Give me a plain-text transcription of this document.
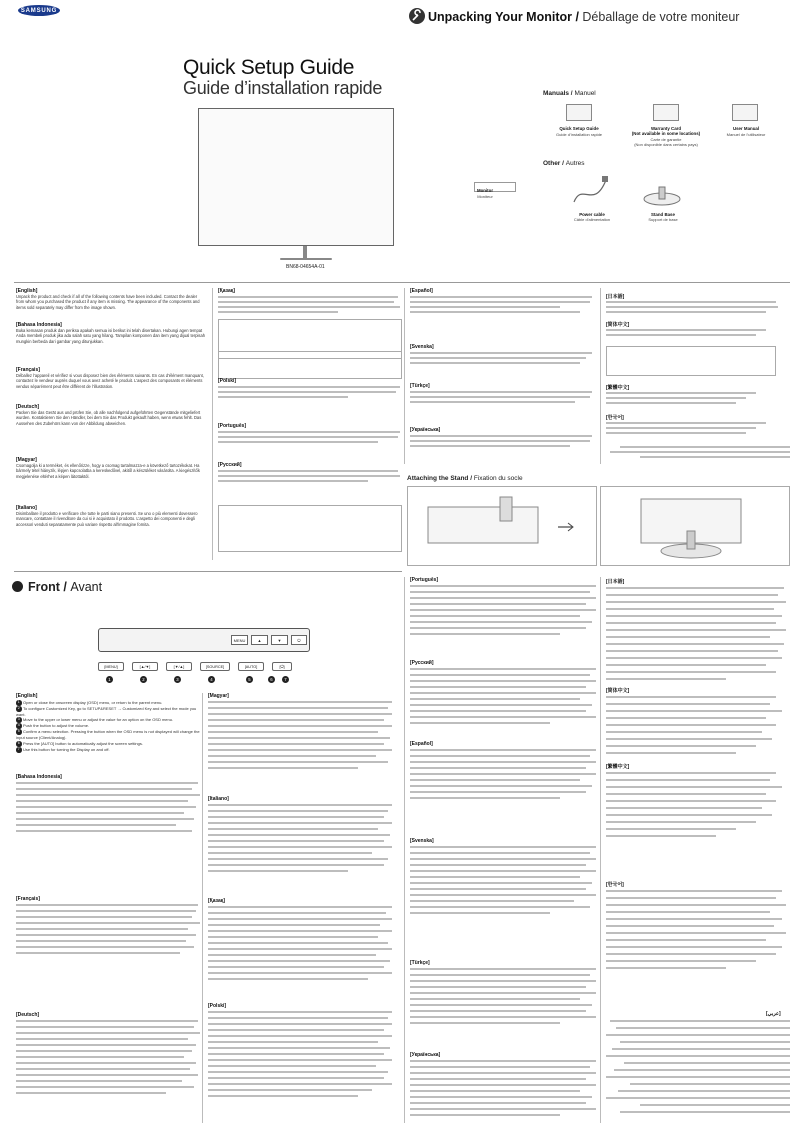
SAMSUNG
Quick Setup Guide
Guide d’installation rapide
Unpacking Your Monitor / Déballage de votre moniteur
BN68-04654A-01
Manuals / Manuel
Quick Setup Guide
Guide d’installation rapide
Warranty Card
(Not available in some locations)
Carte de garantie
(Non disponible dans certains pays)
User Manual
Manuel de l’utilisateur
Other / Autres
Monitor
Moniteur
Power cable
Câble d’alimentation
Stand Base
Support de base
[English]
Unpack the product and check if all of the following contents have been included. Contact the dealer from whom you purchased the product if any item is missing. The appearance of the components and items sold separately may differ from the image shown.
[Bahasa Indonesia]
Buka kemasan produk dan periksa apakah semua isi berikut ini telah disertakan. Hubungi agen tempat Anda membeli produk jika ada salah satu yang hilang. Tampilan komponen dan item yang dijual terpisah mungkin berbeda dari gambar yang ditunjukkan.
[Français]
Déballez l’appareil et vérifiez si vous disposez bien des éléments suivants. En cas d’élément manquant, contactez le vendeur auprès duquel vous avez acheté le produit. L’aspect des composants et éléments vendus séparément peut être différent de l’illustration.
[Deutsch]
Packen Sie das Gerät aus und prüfen Sie, ob alle nachfolgend aufgeführten Gegenstände mitgeliefert wurden. Kontaktieren Sie den Händler, bei dem Sie das Produkt gekauft haben, wenn etwas fehlt. Das Aussehen des Zubehörs kann von der Abbildung abweichen.
[Magyar]
Csomagolja ki a terméket, és ellenőrizze, hogy a csomag tartalmazza-e a következő tartozékokat. Ha bármely tétel hiányzik, lépjen kapcsolatba a kereskedővel, akitől a készüléket vásárolta. A kiegészítők megjelenése eltérhet a képen látottaktól.
[Italiano]
Disimballare il prodotto e verificare che tutte le parti siano presenti. Se uno o più elementi dovessero mancare, contattare il rivenditore da cui si è acquistato il prodotto. L’aspetto dei componenti e degli accessori venduti separatamente può variare rispetto all’immagine fornita.
[Қазақ]
[Polski]
[Português]
[Русский]
[Español]
[Svenska]
[Türkçe]
[Українська]
[日本語]
[简体中文]
[繁體中文]
[한국어]
Attaching the Stand / Fixation du socle
Front / Avant
MENU	▲	▼	⏻
[MENU]	[▲/▼]	[▼/▲]	[SOURCE]	[AUTO]	[⏻]
1	2	3	4	5	6	7
[English]
1 Open or close the onscreen display (OSD) menu, or return to the parent menu.
2 To configure Customized Key, go to SETUP&RESET → Customized Key and select the mode you want.
3 Move to the upper or lower menu or adjust the value for an option on the OSD menu.
4 Push the button to adjust the volume.
5 Confirm a menu selection. Pressing the button when the OSD menu is not displayed will change the input source (Client/Analog).
6 Press the [AUTO] button to automatically adjust the screen settings.
7 Use this button for turning the Display on and off.
[Bahasa Indonesia]
[Français]
[Deutsch]
[Magyar]
[Italiano]
[Қазақ]
[Polski]
[Português]
[Русский]
[Español]
[Svenska]
[Türkçe]
[Українська]
[日本語]
[简体中文]
[繁體中文]
[한국어]
[عربي]
